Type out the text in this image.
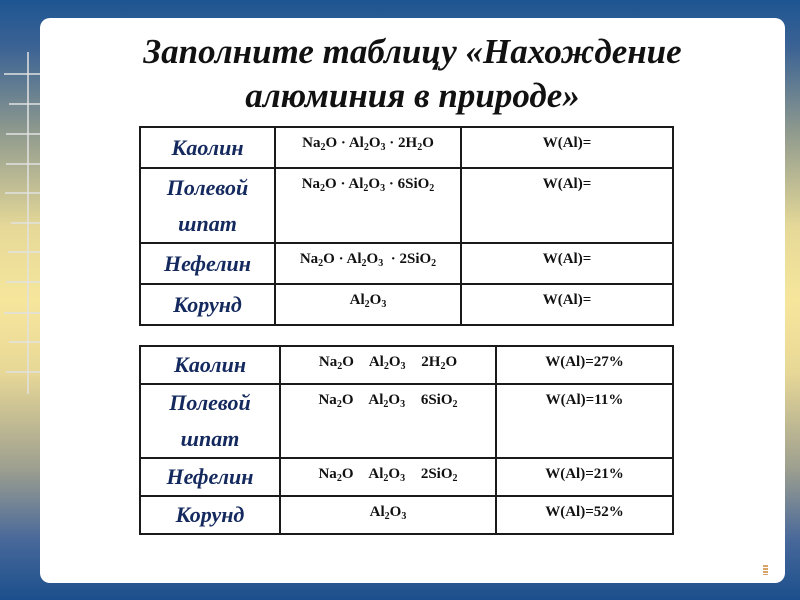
Заполните таблицу «Нахождение
алюминия в природе»
Каолин	$Na_2O \cdot Al_2O_3 \cdot 2H_2O$	W(Al)=

Полевой
шпат	$Na_2O \cdot Al_2O_3 \cdot 6SiO_2$	W(Al)=
Нефелин	$Na_2O \cdot Al_2O_3 \cdot 2SiO_2$	W(Al)=
Корунд	$Al_2O_3$	W(Al)=
Каолин	$Na_2O$ $Al_2O_3$ $2H_2O$	W(Al)=27%

Полевой
шпат	$Na_2O$ $Al_2O_3$ 6SiO$_2$	W(Al)=11%
Нефелин	$Na_2O$ $Al_2O_3$ 2SiO$_2$	W(Al)=21%
Корунд	$Al_2O_3$	W(Al)=52%
